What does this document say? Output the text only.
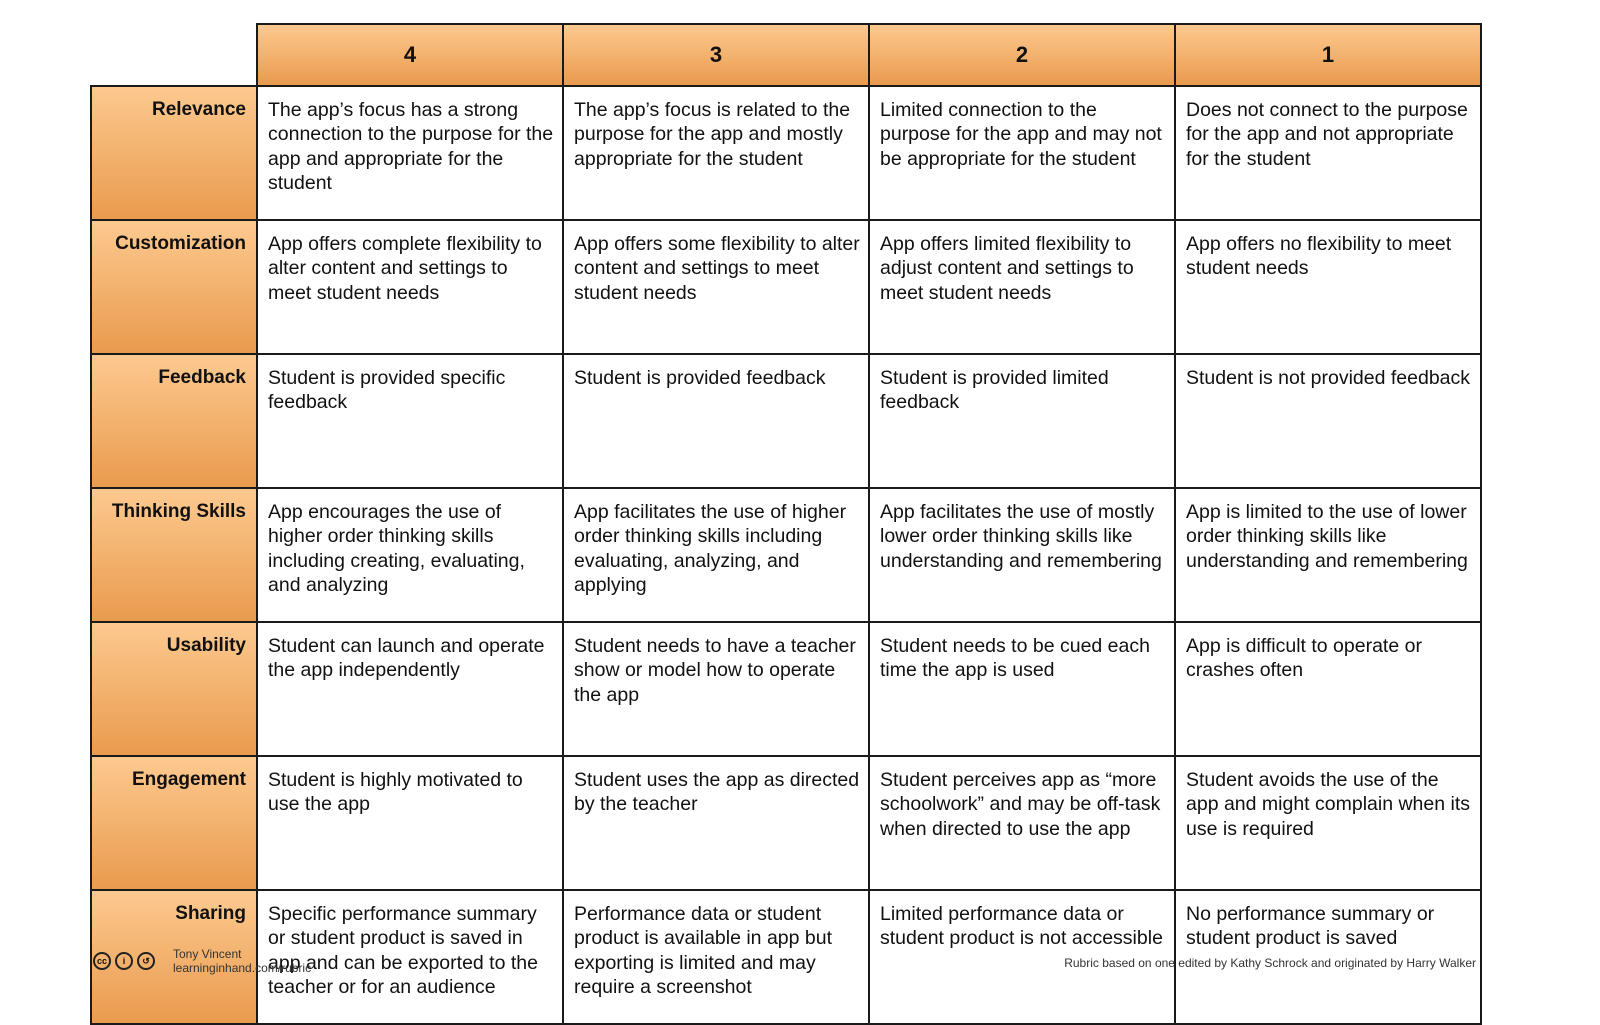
	4	3	2	1
Relevance	The app’s focus has a strong connection to the purpose for the app and appropriate for the student	The app’s focus is related to the purpose for the app and mostly appropriate for the student	Limited connection to the purpose for the app and may not be appropriate for the student	Does not connect to the purpose for the app and not appropriate for the student
Customization	App offers complete flexibility to alter content and settings to meet student needs	App offers some flexibility to alter content and settings to meet student needs	App offers limited flexibility to adjust content and settings to meet student needs	App offers no flexibility to meet student needs
Feedback	Student is provided specific feedback	Student is provided feedback	Student is provided limited feedback	Student is not provided feedback
Thinking Skills	App encourages the use of higher order thinking skills including creating, evaluating, and analyzing	App facilitates the use of higher order thinking skills including evaluating, analyzing, and applying	App facilitates the use of mostly lower order thinking skills like understanding and remembering	App is limited to the use of lower order thinking skills like understanding and remembering
Usability	Student can launch and operate the app independently	Student needs to have a teacher show or model how to operate the app	Student needs to be cued each time the app is used	App is difficult to operate or crashes often
Engagement	Student is highly motivated to use the app	Student uses the app as directed by the teacher	Student perceives app as “more schoolwork” and may be off-task when directed to use the app	Student avoids the use of the app and might complain when its use is required
Sharing	Specific performance summary or student product is saved in app and can be exported to the teacher or for an audience	Performance data or student product is available in app but exporting is limited and may require a screenshot	Limited performance data or student product is not accessible	No performance summary or student product is saved
cc	i	↺	Tony Vincent
learninginhand.com/rubric	Rubric based on one edited by Kathy Schrock and originated by Harry Walker
